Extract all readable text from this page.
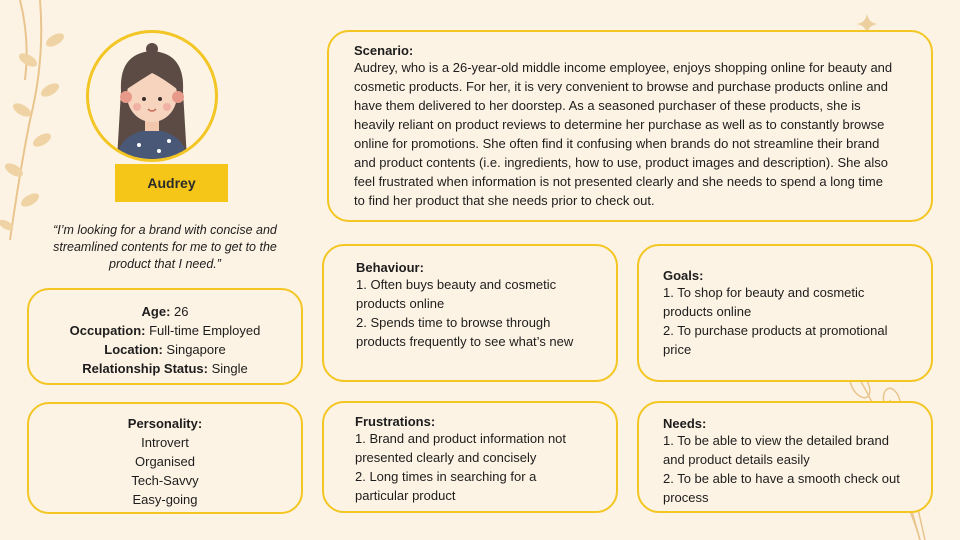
Audrey
“I’m looking for a brand with concise and streamlined contents for me to get to the product that I need.”
Age: 26
Occupation: Full-time Employed
Location: Singapore
Relationship Status: Single
Personality:
Introvert
Organised
Tech-Savvy
Easy-going
Scenario:
Audrey, who is a 26-year-old middle income employee, enjoys shopping online for beauty and
cosmetic products. For her, it is very convenient to browse and purchase products online and
have them delivered to her doorstep. As a seasoned purchaser of these products, she is
heavily reliant on product reviews to determine her purchase as well as to constantly browse
online for promotions. She often find it confusing when brands do not streamline their brand
and product contents (i.e. ingredients, how to use, product images and description). She also
feel frustrated when information is not presented clearly and she needs to spend a long time
to find her product that she needs prior to check out.
Behaviour:
1. Often buys beauty and cosmetic
products online
2. Spends time to browse through
products frequently to see what’s new
Goals:
1. To shop for beauty and cosmetic
products online
2. To purchase products at promotional
price
Frustrations:
1. Brand and product information not
presented clearly and concisely
2. Long times in searching for a
particular product
Needs:
1. To be able to view the detailed brand
and product details easily
2. To be able to have a smooth check out
process
